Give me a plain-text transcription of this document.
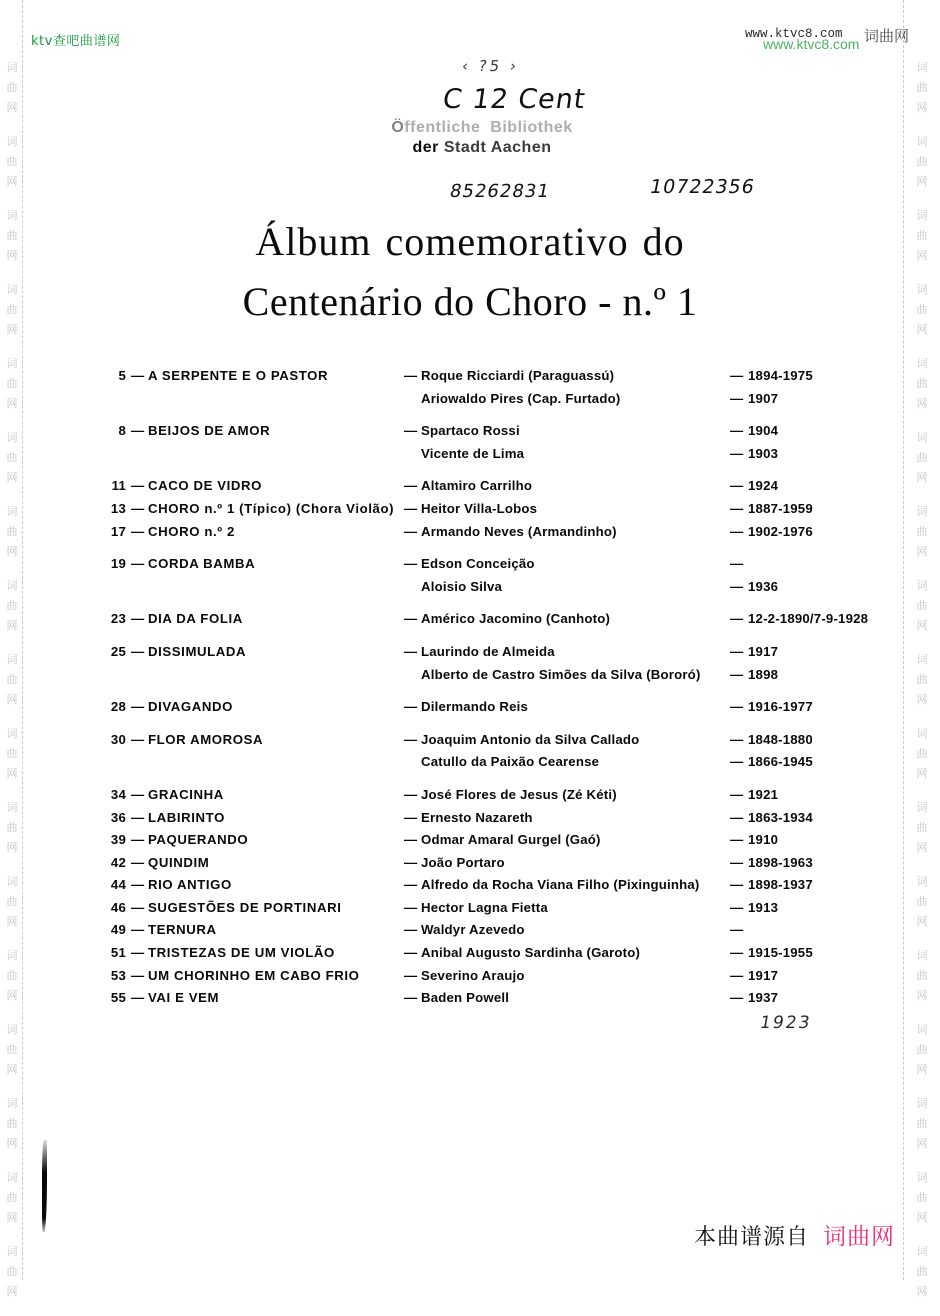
词
曲
网
词
曲
网
词
曲
网
词
曲
网
词
曲
网
词
曲
网
词
曲
网
词
曲
网
词
曲
网
词
曲
网
词
曲
网
词
曲
网
词
曲
网
词
曲
网
词
曲
网
词
曲
网
词
曲
网
词
曲
网
词
曲
网
词
曲
网
词
曲
网
词
曲
网
词
曲
网
词
曲
网
词
曲
网
词
曲
网
词
曲
网
词
曲
网
词
曲
网
词
曲
网
词
曲
网
词
曲
网
词
曲
网
词
曲
网
ktv查吧曲谱网	www.ktvc8.com 词曲网
www.ktvc8.com
‹ ?5 ›
C 12 Cent
Öffentliche  Bibliothek
der Stadt Aachen
85262831	10722356
Álbum comemorativo do
Centenário do Choro - n.º 1
5 — A SERPENTE E O PASTOR	— Roque Ricciardi (Paraguassú)	— 1894-1975
Ariowaldo Pires (Cap. Furtado)	— 1907
8 — BEIJOS DE AMOR	— Spartaco Rossi	— 1904
Vicente de Lima	— 1903
11 — CACO DE VIDRO	— Altamiro Carrilho	— 1924
13 — CHORO n.º 1 (Típico) (Chora Violão) — Heitor Villa-Lobos	— 1887-1959
17 — CHORO n.º 2	— Armando Neves (Armandinho)	— 1902-1976
19 — CORDA BAMBA	— Edson Conceição	—
Aloisio Silva	— 1936
23 — DIA DA FOLIA	— Américo Jacomino (Canhoto)	— 12-2-1890/7-9-1928
25 — DISSIMULADA	— Laurindo de Almeida	— 1917
Alberto de Castro Simões da Silva (Bororó) — 1898
28 — DIVAGANDO	— Dilermando Reis	— 1916-1977
30 — FLOR AMOROSA	— Joaquim Antonio da Silva Callado	— 1848-1880
Catullo da Paixão Cearense	— 1866-1945
34 — GRACINHA	— José Flores de Jesus (Zé Kéti)	— 1921
36 — LABIRINTO	— Ernesto Nazareth	— 1863-1934
39 — PAQUERANDO	— Odmar Amaral Gurgel (Gaó)	— 1910
42 — QUINDIM	— João Portaro	— 1898-1963
44 — RIO ANTIGO	— Alfredo da Rocha Viana Filho (Pixinguinha) — 1898-1937
46 — SUGESTÕES DE PORTINARI	— Hector Lagna Fietta	— 1913
49 — TERNURA	— Waldyr Azevedo	—
51 — TRISTEZAS DE UM VIOLÃO	— Anibal Augusto Sardinha (Garoto)	— 1915-1955
53 — UM CHORINHO EM CABO FRIO	— Severino Araujo	— 1917
55 — VAI E VEM	— Baden Powell	— 1937
1923
本曲谱源自 词曲网
